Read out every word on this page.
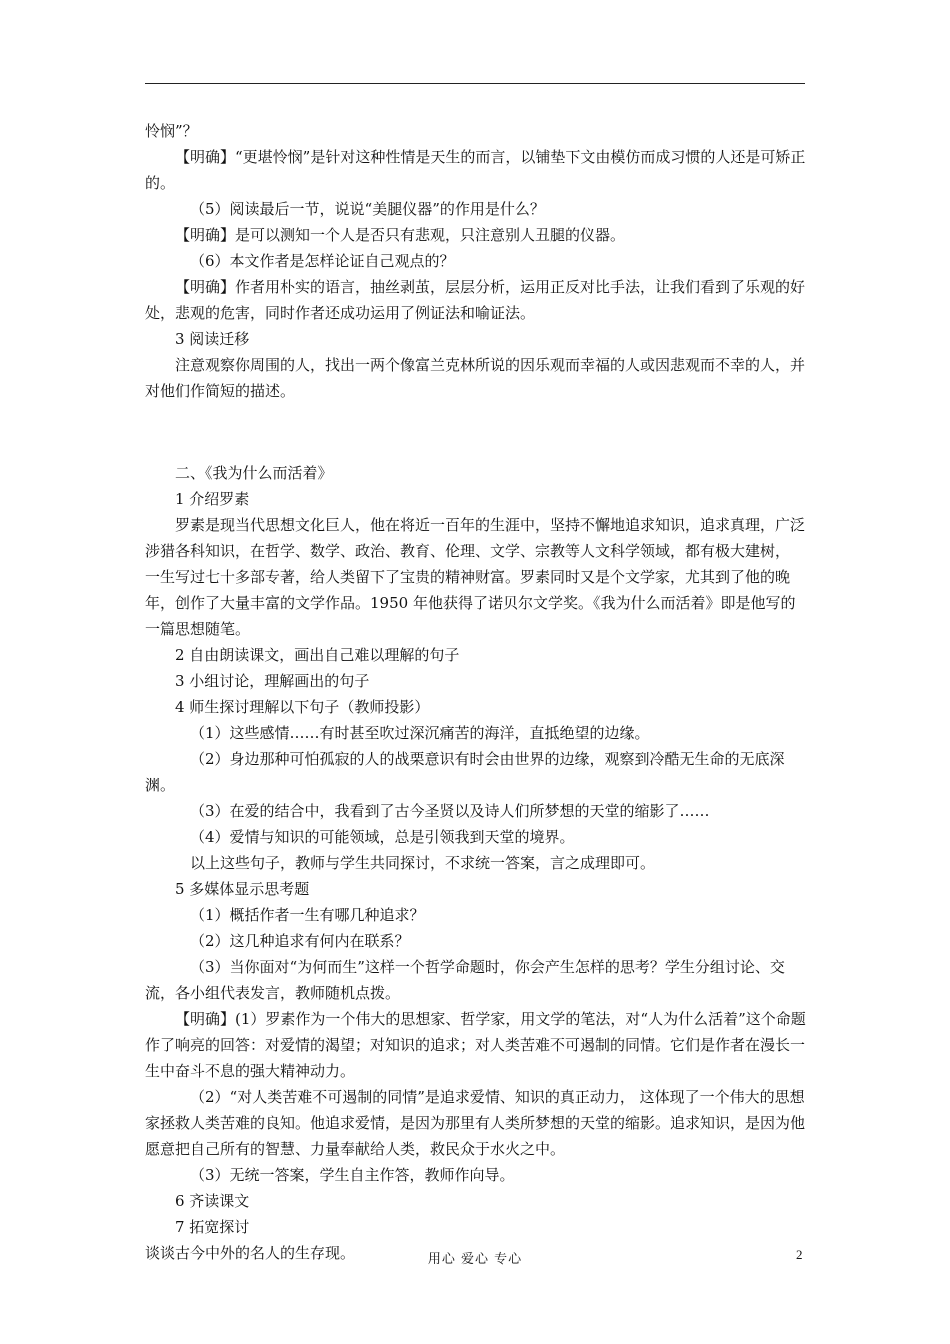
怜悯”？

【明确】“更堪怜悯”是针对这种性情是天生的而言，以铺垫下文由模仿而成习惯的人还是可矫正的。

（5）阅读最后一节，说说“美腿仪器”的作用是什么？

【明确】是可以测知一个人是否只有悲观，只注意别人丑腿的仪器。

（6）本文作者是怎样论证自己观点的？

【明确】作者用朴实的语言，抽丝剥茧，层层分析，运用正反对比手法，让我们看到了乐观的好处，悲观的危害，同时作者还成功运用了例证法和喻证法。

3 阅读迁移

注意观察你周围的人，找出一两个像富兰克林所说的因乐观而幸福的人或因悲观而不幸的人，并对他们作简短的描述。

二、《我为什么而活着》

1 介绍罗素

罗素是现当代思想文化巨人，他在将近一百年的生涯中，坚持不懈地追求知识，追求真理，广泛涉猎各科知识，在哲学、数学、政治、教育、伦理、文学、宗教等人文科学领域，都有极大建树， 一生写过七十多部专著，给人类留下了宝贵的精神财富。罗素同时又是个文学家，尤其到了他的晚年，创作了大量丰富的文学作品。1950 年他获得了诺贝尔文学奖。《我为什么而活着》即是他写的一篇思想随笔。

2 自由朗读课文，画出自己难以理解的句子

3 小组讨论，理解画出的句子

4 师生探讨理解以下句子（教师投影）

（1）这些感情……有时甚至吹过深沉痛苦的海洋，直抵绝望的边缘。

（2）身边那种可怕孤寂的人的战栗意识有时会由世界的边缘，观察到冷酷无生命的无底深渊。

（3）在爱的结合中，我看到了古今圣贤以及诗人们所梦想的天堂的缩影了……

（4）爱情与知识的可能领域，总是引领我到天堂的境界。

以上这些句子，教师与学生共同探讨，不求统一答案，言之成理即可。

5 多媒体显示思考题

（1）概括作者一生有哪几种追求？

（2）这几种追求有何内在联系？

（3）当你面对“为何而生”这样一个哲学命题时，你会产生怎样的思考？学生分组讨论、交流，各小组代表发言，教师随机点拨。

【明确】(1）罗素作为一个伟大的思想家、哲学家，用文学的笔法，对“人为什么活着”这个命题作了响亮的回答：对爱情的渴望；对知识的追求；对人类苦难不可遏制的同情。它们是作者在漫长一生中奋斗不息的强大精神动力。

（2）“对人类苦难不可遏制的同情”是追求爱情、知识的真正动力， 这体现了一个伟大的思想家拯救人类苦难的良知。他追求爱情，是因为那里有人类所梦想的天堂的缩影。追求知识，是因为他愿意把自己所有的智慧、力量奉献给人类，救民众于水火之中。

（3）无统一答案，学生自主作答，教师作向导。

6 齐读课文

7 拓宽探讨

谈谈古今中外的名人的生存现。	用心 爱心 专心	2
